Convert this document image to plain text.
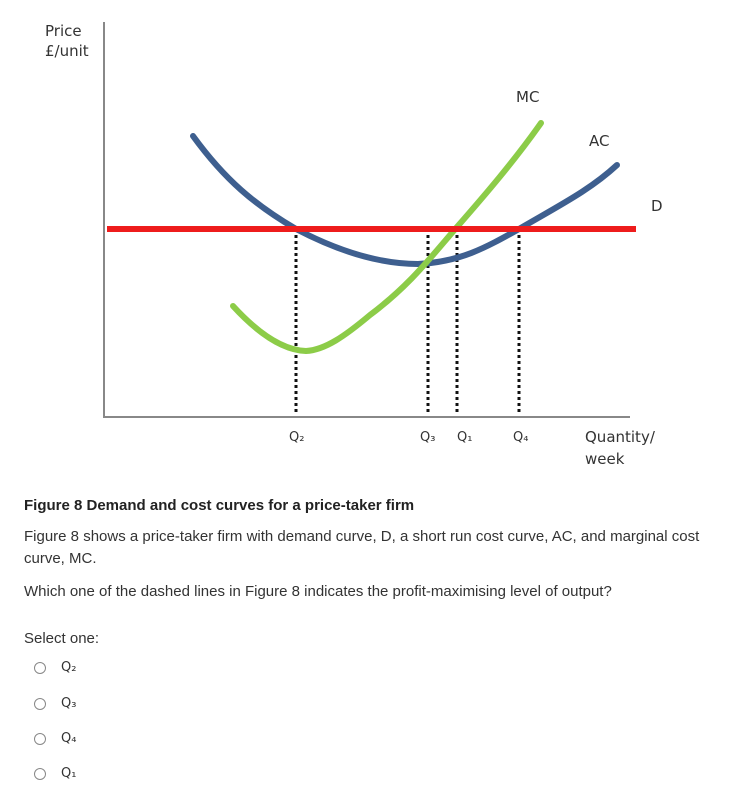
Price
£/unit
MC
AC
D
Q₂	Q₃ Q₁	Q₄	Quantity/
week
Figure 8 Demand and cost curves for a price-taker firm
Figure 8 shows a price-taker firm with demand curve, D, a short run cost curve, AC, and marginal cost curve, MC.
Which one of the dashed lines in Figure 8 indicates the profit-maximising level of output?
Select one:
Q₂
Q₃
Q₄
Q₁
